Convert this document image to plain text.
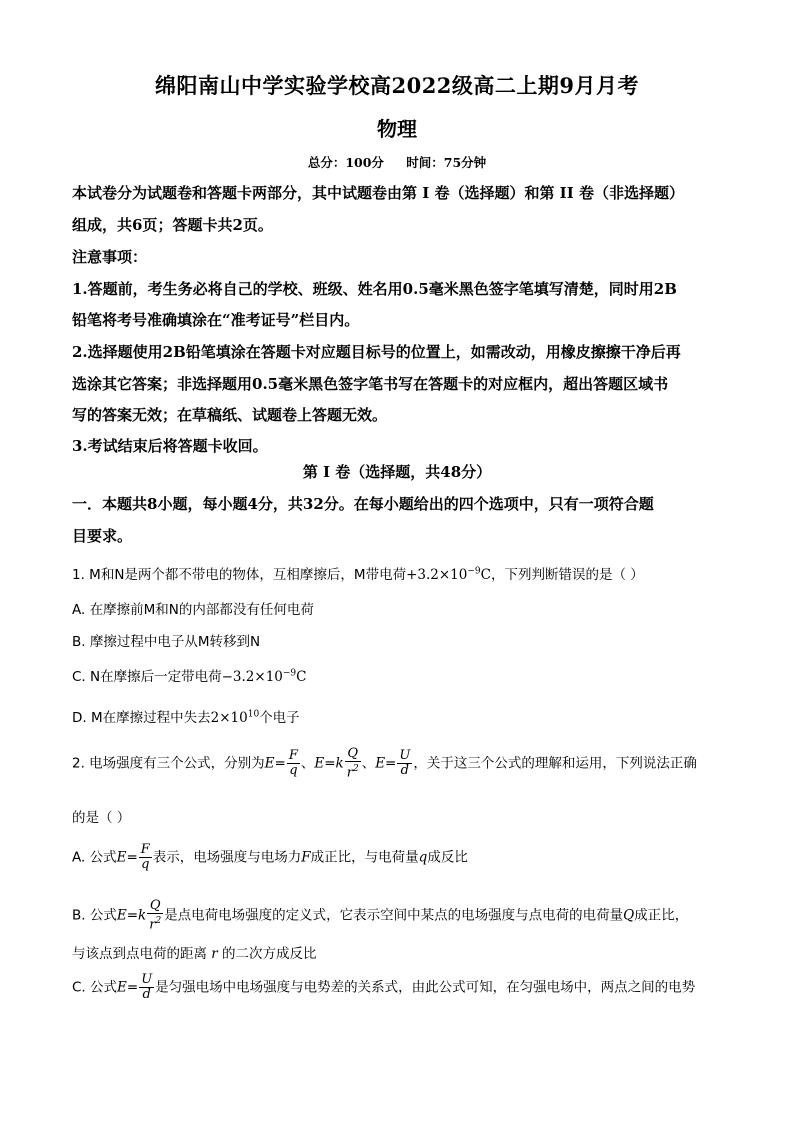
绵阳南山中学实验学校高2022级高二上期9月月考
物理
总分：100分 时间：75分钟
本试卷分为试题卷和答题卡两部分，其中试题卷由第 I 卷（选择题）和第 II 卷（非选择题）
组成，共6页；答题卡共2页。
注意事项：
1.答题前，考生务必将自己的学校、班级、姓名用0.5毫米黑色签字笔填写清楚，同时用2B
铅笔将考号准确填涂在“准考证号”栏目内。
2.选择题使用2B铅笔填涂在答题卡对应题目标号的位置上，如需改动，用橡皮擦擦干净后再
选涂其它答案；非选择题用0.5毫米黑色签字笔书写在答题卡的对应框内，超出答题区域书
写的答案无效；在草稿纸、试题卷上答题无效。
3.考试结束后将答题卡收回。
第 I 卷（选择题，共48分）
一．本题共8小题，每小题4分，共32分。在每小题给出的四个选项中，只有一项符合题
目要求。
1. M和N是两个都不带电的物体，互相摩擦后，M带电荷$+3.2\times 10^{-9}C$，下列判断错误的是（ ）
A. 在摩擦前M和N的内部都没有任何电荷
B. 摩擦过程中电子从M转移到N
C. N在摩擦后一定带电荷$-3.2\times 10^{-9}C$
D. M在摩擦过程中失去$2\times 10^{10}$个电子
2. 电场强度有三个公式，分别为$E= \frac{F}{q}$ 、$E=k \frac{Q}{r^2}$ 、$E= \frac{U}{d}$ ，关于这三个公式的理解和运用，下列说法正确
的是（ ）
A. 公式$E= \frac{F}{q}$ 表示，电场强度与电场力F成正比，与电荷量q成反比
B. 公式$E=k \frac{Q}{r^2}$ 是点电荷电场强度的定义式，它表示空间中某点的电场强度与点电荷的电荷量Q成正比，
与该点到点电荷的距离 r 的二次方成反比
C. 公式$E= \frac{U}{d}$ 是匀强电场中电场强度与电势差的关系式，由此公式可知，在匀强电场中，两点之间的电势
